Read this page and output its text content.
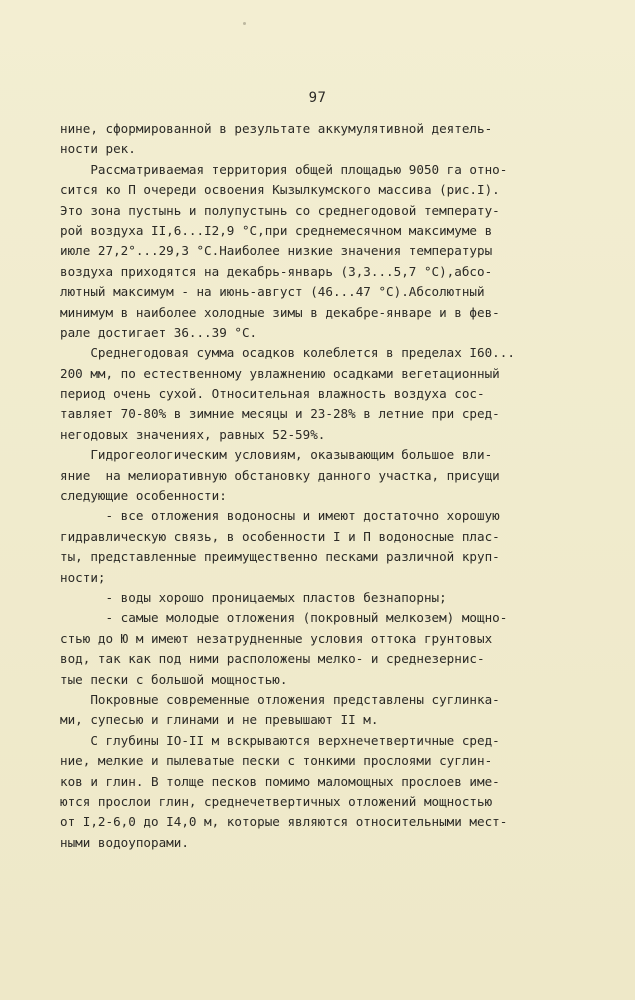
97
нине, сформированной в результате аккумулятивной деятель-
ности рек.
Рассматриваемая территория общей площадью 9050 га отно-
сится ко П очереди освоения Кызылкумского массива (рис.I).
Это зона пустынь и полупустынь со среднегодовой температу-
рой воздуха II,6...I2,9 °С,при среднемесячном максимуме в
июле 27,2°...29,3 °С.Наиболее низкие значения температуры
воздуха приходятся на декабрь-январь (3,3...5,7 °С),абсо-
лютный максимум - на июнь-август (46...47 °С).Абсолютный
минимум в наиболее холодные зимы в декабре-январе и в фев-
рале достигает 36...39 °С.
Среднегодовая сумма осадков колеблется в пределах I60...
200 мм, по естественному увлажнению осадками вегетационный
период очень сухой. Относительная влажность воздуха сос-
тавляет 70-80% в зимние месяцы и 23-28% в летние при сред-
негодовых значениях, равных 52-59%.
Гидрогеологическим условиям, оказывающим большое вли-
яние  на мелиоративную обстановку данного участка, присущи
следующие особенности:
- все отложения водоносны и имеют достаточно хорошую
гидравлическую связь, в особенности I и П водоносные плас-
ты, представленные преимущественно песками различной круп-
ности;
- воды хорошо проницаемых пластов безнапорны;
- самые молодые отложения (покровный мелкозем) мощно-
стью до Ю м имеют незатрудненные условия оттока грунтовых
вод, так как под ними расположены мелко- и среднезернис-
тые пески с большой мощностью.
Покровные современные отложения представлены суглинка-
ми, супесью и глинами и не превышают II м.
С глубины IO-II м вскрываются верхнечетвертичные сред-
ние, мелкие и пылеватые пески с тонкими прослоями суглин-
ков и глин. В толще песков помимо маломощных прослоев име-
ются прослои глин, среднечетвертичных отложений мощностью
от I,2-6,0 до I4,0 м, которые являются относительными мест-
ными водоупорами.
